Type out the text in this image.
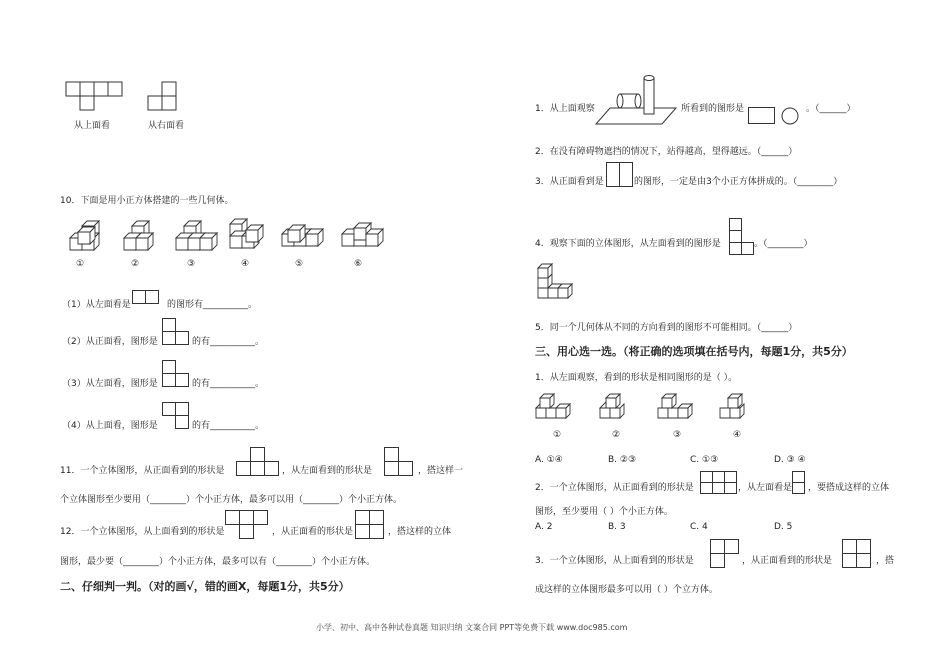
从上面看	从右面看
10．下面是用小正方体搭建的一些几何体。
①	②	③	④	⑤	⑥
（1）从左面看是	的图形有__________。
（2）从正面看，图形是	的有__________。
（3）从左面看，图形是	的有__________。
（4）从上面看，图形是	的有__________。
11．一个立体图形，从正面看到的形状是	，从左面看到的形状是	，搭这样一
个立体图形至少要用（________）个小正方体，最多可以用（________）个小正方体。
12．一个立体图形，从上面看到的形状是	，从正面看的形状是	，搭这样的立体
图形，最少要（________）个小正方体，最多可以有（________）个小正方体。
二、仔细判一判。（对的画√，错的画X，每题1分，共5分）
1．从上面观察	所看到的图形是	。（______）
2．在没有障碍物遮挡的情况下，站得越高，望得越远。（______）
3．从正面看到是	的图形，一定是由3个小正方体拼成的。（________）
4．观察下面的立体图形，从左面看到的图形是	。（________）
5．同一个几何体从不同的方向看到的图形不可能相同。（______）
三、用心选一选。（将正确的选项填在括号内，每题1分，共5分）
1．从左面观察，看到的形状是相同图形的是（ ）。
①	②	③	④
A. ①④	B. ②③	C. ①③	D. ③ ④
2．一个立体图形，从正面看到的形状是	，从左面看是 ，要搭成这样的立体
图形，至少要用（ ）个小正方体。
A. 2	B. 3	C. 4	D. 5
3．一个立体图形，从上面看到的形状是	，从正面看到的形状是	，搭
成这样的立体图形最多可以用（ ）个立方体。
小学、初中、高中各种试卷真题 知识归纳 文案合同 PPT等免费下载 www.doc985.com
